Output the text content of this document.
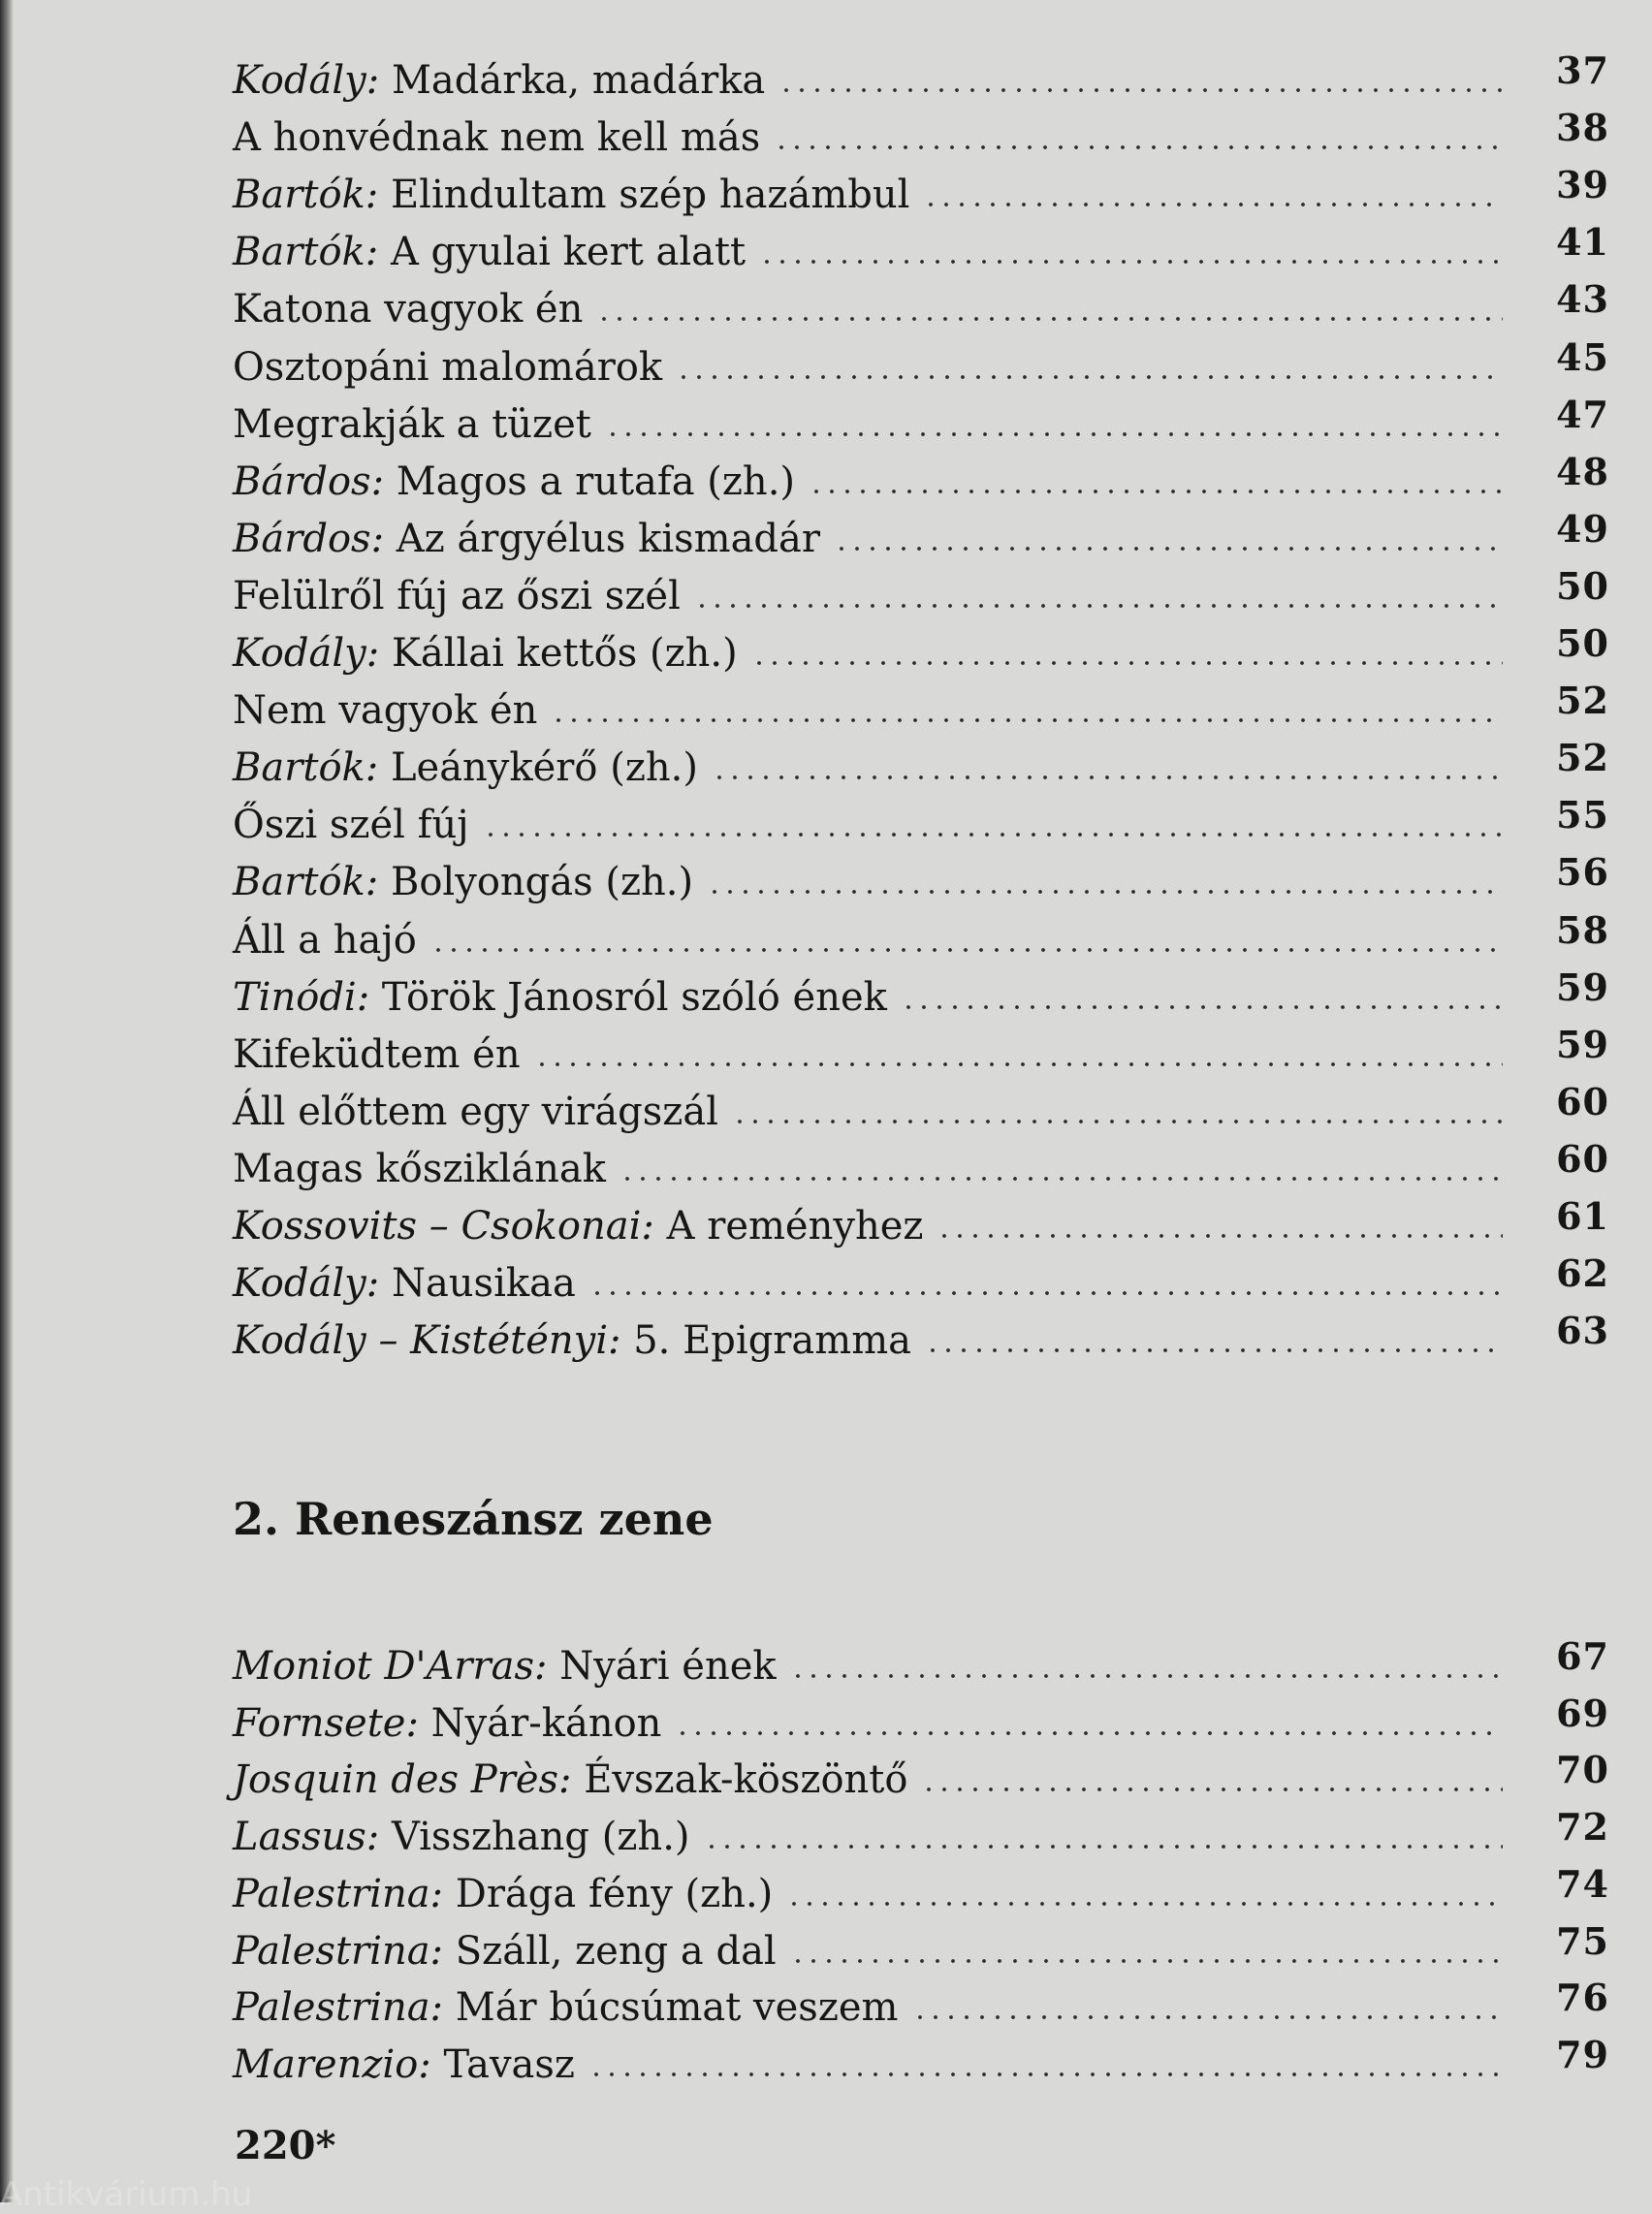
Kodály: Madárka, madárka	37
A honvédnak nem kell más	38
Bartók: Elindultam szép hazámbul	39
Bartók: A gyulai kert alatt	41
Katona vagyok én	43
Osztopáni malomárok	45
Megrakják a tüzet	47
Bárdos: Magos a rutafa (zh.)	48
Bárdos: Az árgyélus kismadár	49
Felülről fúj az őszi szél	50
Kodály: Kállai kettős (zh.)	50
Nem vagyok én	52
Bartók: Leánykérő (zh.)	52
Őszi szél fúj	55
Bartók: Bolyongás (zh.)	56
Áll a hajó	58
Tinódi: Török Jánosról szóló ének	59
Kifeküdtem én	59
Áll előttem egy virágszál	60
Magas kősziklának	60
Kossovits – Csokonai: A reményhez	61
Kodály: Nausikaa	62
Kodály – Kistétényi: 5. Epigramma	63
2. Reneszánsz zene
Moniot D'Arras: Nyári ének	67
Fornsete: Nyár-kánon	69
Josquin des Près: Évszak-köszöntő	70
Lassus: Visszhang (zh.)	72
Palestrina: Drága fény (zh.)	74
Palestrina: Száll, zeng a dal	75
Palestrina: Már búcsúmat veszem	76
Marenzio: Tavasz	79
220*
Antikvárium.hu
